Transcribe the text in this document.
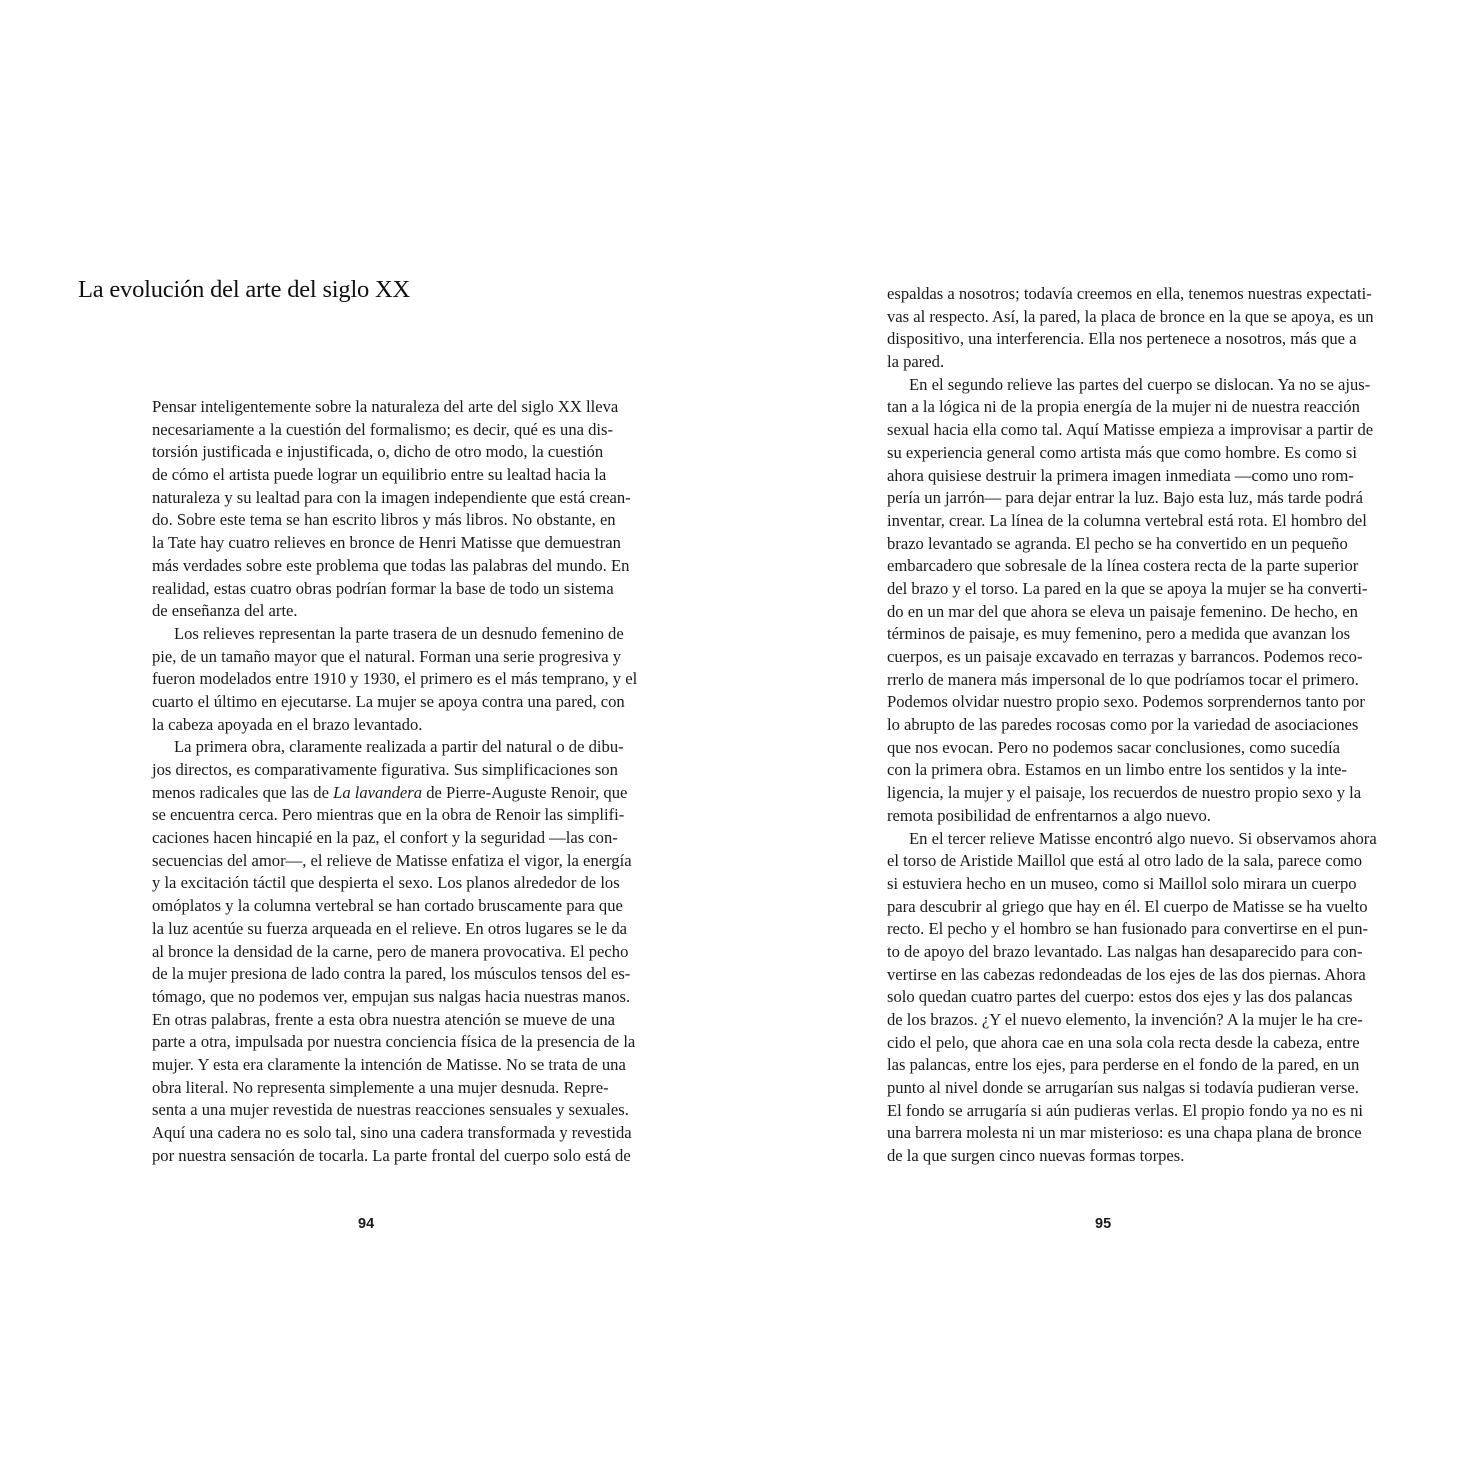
La evolución del arte del siglo XX
Pensar inteligentemente sobre la naturaleza del arte del siglo XX lleva
necesariamente a la cuestión del formalismo; es decir, qué es una dis-
torsión justificada e injustificada, o, dicho de otro modo, la cuestión
de cómo el artista puede lograr un equilibrio entre su lealtad hacia la
naturaleza y su lealtad para con la imagen independiente que está crean-
do. Sobre este tema se han escrito libros y más libros. No obstante, en
la Tate hay cuatro relieves en bronce de Henri Matisse que demuestran
más verdades sobre este problema que todas las palabras del mundo. En
realidad, estas cuatro obras podrían formar la base de todo un sistema
de enseñanza del arte.
Los relieves representan la parte trasera de un desnudo femenino de
pie, de un tamaño mayor que el natural. Forman una serie progresiva y
fueron modelados entre 1910 y 1930, el primero es el más temprano, y el
cuarto el último en ejecutarse. La mujer se apoya contra una pared, con
la cabeza apoyada en el brazo levantado.
La primera obra, claramente realizada a partir del natural o de dibu-
jos directos, es comparativamente figurativa. Sus simplificaciones son
menos radicales que las de La lavandera de Pierre-Auguste Renoir, que
se encuentra cerca. Pero mientras que en la obra de Renoir las simplifi-
caciones hacen hincapié en la paz, el confort y la seguridad —las con-
secuencias del amor—, el relieve de Matisse enfatiza el vigor, la energía
y la excitación táctil que despierta el sexo. Los planos alrededor de los
omóplatos y la columna vertebral se han cortado bruscamente para que
la luz acentúe su fuerza arqueada en el relieve. En otros lugares se le da
al bronce la densidad de la carne, pero de manera provocativa. El pecho
de la mujer presiona de lado contra la pared, los músculos tensos del es-
tómago, que no podemos ver, empujan sus nalgas hacia nuestras manos.
En otras palabras, frente a esta obra nuestra atención se mueve de una
parte a otra, impulsada por nuestra conciencia física de la presencia de la
mujer. Y esta era claramente la intención de Matisse. No se trata de una
obra literal. No representa simplemente a una mujer desnuda. Repre-
senta a una mujer revestida de nuestras reacciones sensuales y sexuales.
Aquí una cadera no es solo tal, sino una cadera transformada y revestida
por nuestra sensación de tocarla. La parte frontal del cuerpo solo está de
94
espaldas a nosotros; todavía creemos en ella, tenemos nuestras expectati-
vas al respecto. Así, la pared, la placa de bronce en la que se apoya, es un
dispositivo, una interferencia. Ella nos pertenece a nosotros, más que a
la pared.
En el segundo relieve las partes del cuerpo se dislocan. Ya no se ajus-
tan a la lógica ni de la propia energía de la mujer ni de nuestra reacción
sexual hacia ella como tal. Aquí Matisse empieza a improvisar a partir de
su experiencia general como artista más que como hombre. Es como si
ahora quisiese destruir la primera imagen inmediata —como uno rom-
pería un jarrón— para dejar entrar la luz. Bajo esta luz, más tarde podrá
inventar, crear. La línea de la columna vertebral está rota. El hombro del
brazo levantado se agranda. El pecho se ha convertido en un pequeño
embarcadero que sobresale de la línea costera recta de la parte superior
del brazo y el torso. La pared en la que se apoya la mujer se ha converti-
do en un mar del que ahora se eleva un paisaje femenino. De hecho, en
términos de paisaje, es muy femenino, pero a medida que avanzan los
cuerpos, es un paisaje excavado en terrazas y barrancos. Podemos reco-
rrerlo de manera más impersonal de lo que podríamos tocar el primero.
Podemos olvidar nuestro propio sexo. Podemos sorprendernos tanto por
lo abrupto de las paredes rocosas como por la variedad de asociaciones
que nos evocan. Pero no podemos sacar conclusiones, como sucedía
con la primera obra. Estamos en un limbo entre los sentidos y la inte-
ligencia, la mujer y el paisaje, los recuerdos de nuestro propio sexo y la
remota posibilidad de enfrentarnos a algo nuevo.
En el tercer relieve Matisse encontró algo nuevo. Si observamos ahora
el torso de Aristide Maillol que está al otro lado de la sala, parece como
si estuviera hecho en un museo, como si Maillol solo mirara un cuerpo
para descubrir al griego que hay en él. El cuerpo de Matisse se ha vuelto
recto. El pecho y el hombro se han fusionado para convertirse en el pun-
to de apoyo del brazo levantado. Las nalgas han desaparecido para con-
vertirse en las cabezas redondeadas de los ejes de las dos piernas. Ahora
solo quedan cuatro partes del cuerpo: estos dos ejes y las dos palancas
de los brazos. ¿Y el nuevo elemento, la invención? A la mujer le ha cre-
cido el pelo, que ahora cae en una sola cola recta desde la cabeza, entre
las palancas, entre los ejes, para perderse en el fondo de la pared, en un
punto al nivel donde se arrugarían sus nalgas si todavía pudieran verse.
El fondo se arrugaría si aún pudieras verlas. El propio fondo ya no es ni
una barrera molesta ni un mar misterioso: es una chapa plana de bronce
de la que surgen cinco nuevas formas torpes.
95
